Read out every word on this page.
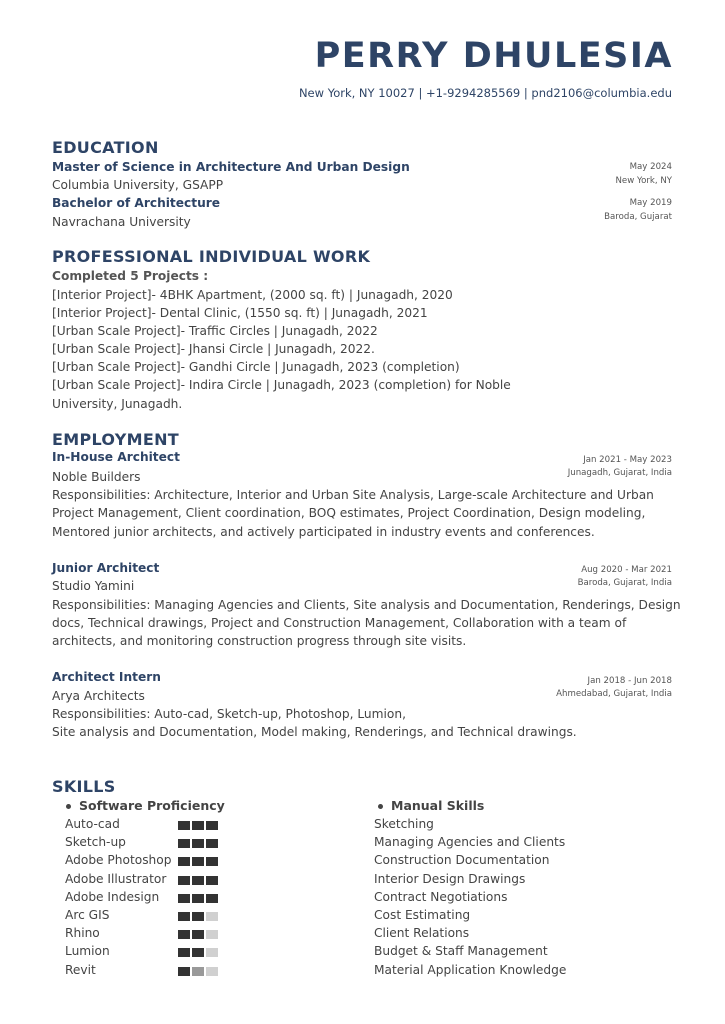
PERRY DHULESIA
New York, NY 10027 | +1-9294285569 | pnd2106@columbia.edu
EDUCATION
Master of Science in Architecture And Urban Design
Columbia University, GSAPP
May 2024
New York, NY
Bachelor of Architecture
Navrachana University
May 2019
Baroda, Gujarat
PROFESSIONAL INDIVIDUAL WORK
Completed 5 Projects :
[Interior Project]- 4BHK Apartment, (2000 sq. ft) | Junagadh, 2020
[Interior Project]- Dental Clinic, (1550 sq. ft) | Junagadh, 2021
[Urban Scale Project]- Traffic Circles | Junagadh, 2022
[Urban Scale Project]- Jhansi Circle | Junagadh, 2022.
[Urban Scale Project]- Gandhi Circle | Junagadh, 2023 (completion)
[Urban Scale Project]- Indira Circle | Junagadh, 2023 (completion) for Noble
University, Junagadh.
EMPLOYMENT
In-House Architect
Noble Builders
Jan 2021 - May 2023
Junagadh, Gujarat, India
Responsibilities: Architecture, Interior and Urban Site Analysis, Large-scale Architecture and Urban
Project Management, Client coordination, BOQ estimates, Project Coordination, Design modeling,
Mentored junior architects, and actively participated in industry events and conferences.
Junior Architect
Studio Yamini
Aug 2020 - Mar 2021
Baroda, Gujarat, India
Responsibilities: Managing Agencies and Clients, Site analysis and Documentation, Renderings, Design
docs, Technical drawings, Project and Construction Management, Collaboration with a team of
architects, and monitoring construction progress through site visits.
Architect Intern
Arya Architects
Jan 2018 - Jun 2018
Ahmedabad, Gujarat, India
Responsibilities: Auto-cad, Sketch-up, Photoshop, Lumion,
Site analysis and Documentation, Model making, Renderings, and Technical drawings.
SKILLS
Software Proficiency	Manual Skills
Auto-cad
Sketch-up
Adobe Photoshop
Adobe Illustrator
Adobe Indesign
Arc GIS
Rhino
Lumion
Revit
Sketching
Managing Agencies and Clients
Construction Documentation
Interior Design Drawings
Contract Negotiations
Cost Estimating
Client Relations
Budget & Staff Management
Material Application Knowledge
